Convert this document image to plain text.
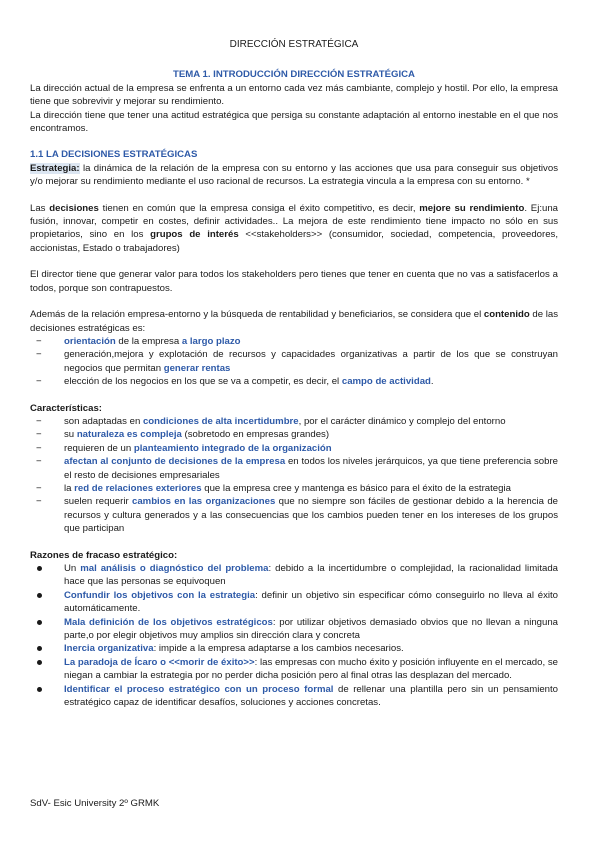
DIRECCIÓN ESTRATÉGICA
TEMA 1. INTRODUCCIÓN DIRECCIÓN ESTRATÉGICA

La dirección actual de la empresa se enfrenta a un entorno cada vez más cambiante, complejo y hostil. Por ello, la empresa tiene que sobrevivir y mejorar su rendimiento.

La dirección tiene que tener una actitud estratégica que persiga su constante adaptación al entorno inestable en el que nos encontramos.

1.1 LA DECISIONES ESTRATÉGICAS

Estrategia: la dinámica de la relación de la empresa con su entorno y las acciones que usa para conseguir sus objetivos y/o mejorar su rendimiento mediante el uso racional de recursos. La estrategia vincula a la empresa con su entorno. *

Las decisiones tienen en común que la empresa consiga el éxito competitivo, es decir, mejore su rendimiento. Ej:una fusión, innovar, competir en costes, definir actividades.. La mejora de este rendimiento tiene impacto no sólo en sus propietarios, sino en los grupos de interés <<stakeholders>> (consumidor, sociedad, competencia, proveedores, accionistas, Estado o trabajadores)

El director tiene que generar valor para todos los stakeholders pero tienes que tener en cuenta que no vas a satisfacerlos a todos, porque son contrapuestos.

Además de la relación empresa-entorno y la búsqueda de rentabilidad y beneficiarios, se considera que el contenido de las decisiones estratégicas es:

− orientación de la empresa a largo plazo
− generación,mejora y explotación de recursos y capacidades organizativas a partir de los que se construyan negocios que permitan generar rentas
− elección de los negocios en los que se va a competir, es decir, el campo de actividad.
Características:
− son adaptadas en condiciones de alta incertidumbre, por el carácter dinámico y complejo del entorno
− su naturaleza es compleja (sobretodo en empresas grandes)
− requieren de un planteamiento integrado de la organización
− afectan al conjunto de decisiones de la empresa en todos los niveles jerárquicos, ya que tiene preferencia sobre el resto de decisiones empresariales
− la red de relaciones exteriores que la empresa cree y mantenga es básico para el éxito de la estrategia
− suelen requerir cambios en las organizaciones que no siempre son fáciles de gestionar debido a la herencia de recursos y cultura generados y a las consecuencias que los cambios pueden tener en los intereses de los grupos que participan
Razones de fracaso estratégico:
Un mal análisis o diagnóstico del problema: debido a la incertidumbre o complejidad, la racionalidad limitada hace que las personas se equivoquen
Confundir los objetivos con la estrategia: definir un objetivo sin especificar cómo conseguirlo no lleva al éxito automáticamente.
Mala definición de los objetivos estratégicos: por utilizar objetivos demasiado obvios que no llevan a ninguna parte,o por elegir objetivos muy amplios sin dirección clara y concreta
Inercia organizativa: impide a la empresa adaptarse a los cambios necesarios.
La paradoja de Ícaro o <<morir de éxito>>: las empresas con mucho éxito y posición influyente en el mercado, se niegan a cambiar la estrategia por no perder dicha posición pero al final otras las desplazan del mercado.
Identificar el proceso estratégico con un proceso formal de rellenar una plantilla pero sin un pensamiento estratégico capaz de identificar desafíos, soluciones y acciones concretas.
SdV- Esic University 2º GRMK
